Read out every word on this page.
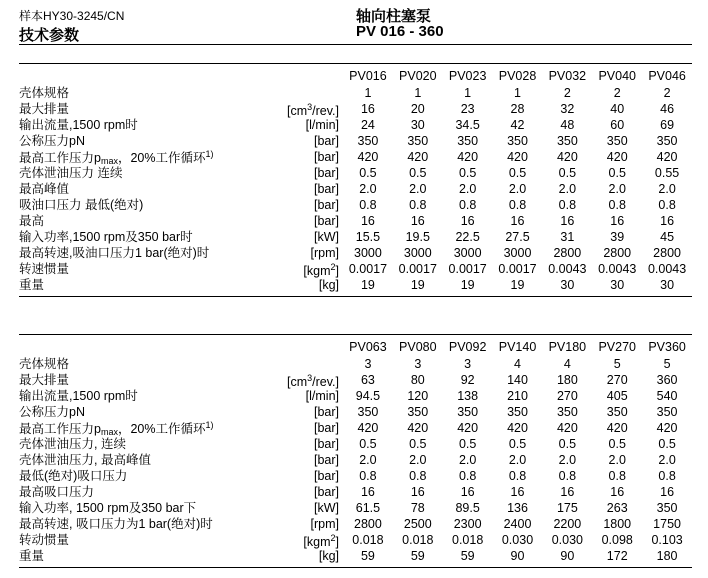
样本HY30-3245/CN
技术参数
轴向柱塞泵
PV 016 - 360
PV016 PV020 PV023 PV028 PV032 PV040 PV046
壳体规格	1	1	1	1	2	2	2
最大排量	$[cm^3/rev.]$	16	20	23	28	32	40	46
输出流量,1500 rpm时	[l/min]	24	30	34.5	42	48	60	69
公称压力pN	[bar]	350	350	350	350	350	350	350
最高工作压力$p_{max}$，20%工作循环$^{1)}$	[bar]	420	420	420	420	420	420	420
壳体泄油压力 连续	[bar]	0.5	0.5	0.5	0.5	0.5	0.5	0.55
最高峰值	[bar]	2.0	2.0	2.0	2.0	2.0	2.0	2.0
吸油口压力 最低(绝对)	[bar]	0.8	0.8	0.8	0.8	0.8	0.8	0.8
最高	[bar]	16	16	16	16	16	16	16
输入功率,1500 rpm及350 bar时	[kW]	15.5	19.5	22.5	27.5	31	39	45
最高转速,吸油口压力1 bar(绝对)时	[rpm]	3000	3000	3000	3000	2800	2800	2800
转速惯量	[kgm$^2$] 0.0017 0.0017 0.0017 0.0017 0.0043 0.0043 0.0043
重量	[kg]	19	19	19	19	30	30	30
PV063 PV080 PV092 PV140 PV180 PV270 PV360
壳体规格	3	3	3	4	4	5	5
最大排量	$[cm^3/rev.]$	63	80	92	140	180	270	360
输出流量,1500 rpm时	[l/min]	94.5	120	138	210	270	405	540
公称压力pN	[bar]	350	350	350	350	350	350	350
最高工作压力$p_{max}$，20%工作循环$^{1)}$	[bar]	420	420	420	420	420	420	420
壳体泄油压力, 连续	[bar]	0.5	0.5	0.5	0.5	0.5	0.5	0.5
壳体泄油压力, 最高峰值	[bar]	2.0	2.0	2.0	2.0	2.0	2.0	2.0
最低(绝对)吸口压力	[bar]	0.8	0.8	0.8	0.8	0.8	0.8	0.8
最高吸口压力	[bar]	16	16	16	16	16	16	16
输入功率, 1500 rpm及350 bar下	[kW]	61.5	78	89.5	136	175	263	350
最高转速, 吸口压力为1 bar(绝对)时	[rpm]	2800	2500	2300	2400	2200	1800	1750
转动惯量	[kgm$^2$]	0.018	0.018	0.018	0.030	0.030	0.098	0.103
重量	[kg]	59	59	59	90	90	172	180
